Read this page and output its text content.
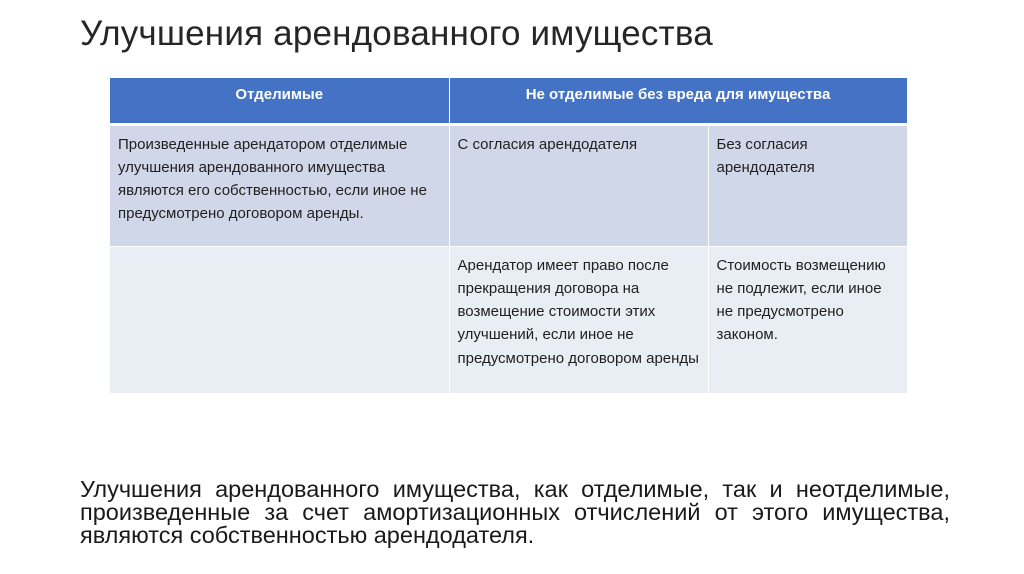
Улучшения арендованного имущества
Отделимые	Не отделимые без вреда для имущества	
Произведенные арендатором отделимые улучшения арендованного имущества являются его собственностью, если иное не предусмотрено договором аренды.	С согласия арендодателя	Без согласия арендодателя
	Арендатор имеет право после прекращения договора на возмещение стоимости этих улучшений, если иное не предусмотрено договором аренды	Стоимость возмещению не подлежит, если иное не предусмотрено законом.
Улучшения арендованного имущества, как отделимые, так и неотделимые, произведенные за счет амортизационных отчислений от этого имущества, являются собственностью арендодателя.
